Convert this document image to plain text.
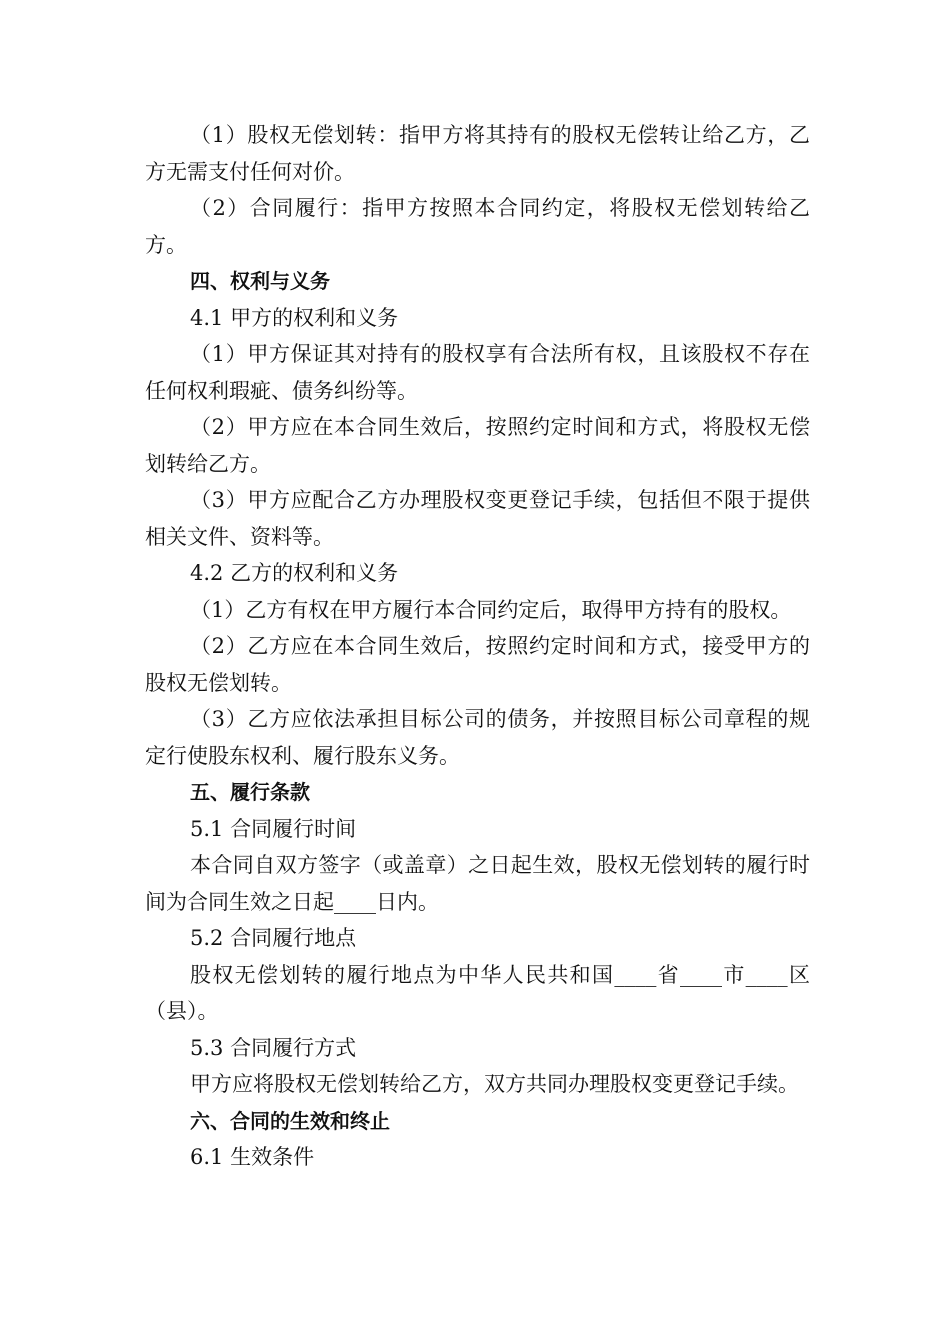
（1）股权无偿划转：指甲方将其持有的股权无偿转让给乙方，乙方无需支付任何对价。

（2）合同履行：指甲方按照本合同约定，将股权无偿划转给乙方。

四、权利与义务

4.1 甲方的权利和义务

（1）甲方保证其对持有的股权享有合法所有权，且该股权不存在任何权利瑕疵、债务纠纷等。

（2）甲方应在本合同生效后，按照约定时间和方式，将股权无偿划转给乙方。

（3）甲方应配合乙方办理股权变更登记手续，包括但不限于提供相关文件、资料等。

4.2 乙方的权利和义务

（1）乙方有权在甲方履行本合同约定后，取得甲方持有的股权。

（2）乙方应在本合同生效后，按照约定时间和方式，接受甲方的股权无偿划转。

（3）乙方应依法承担目标公司的债务，并按照目标公司章程的规定行使股东权利、履行股东义务。

五、履行条款

5.1 合同履行时间

本合同自双方签字（或盖章）之日起生效，股权无偿划转的履行时间为合同生效之日起____日内。

5.2 合同履行地点

股权无偿划转的履行地点为中华人民共和国____省____市____区（县）。

5.3 合同履行方式

甲方应将股权无偿划转给乙方，双方共同办理股权变更登记手续。

六、合同的生效和终止

6.1 生效条件
